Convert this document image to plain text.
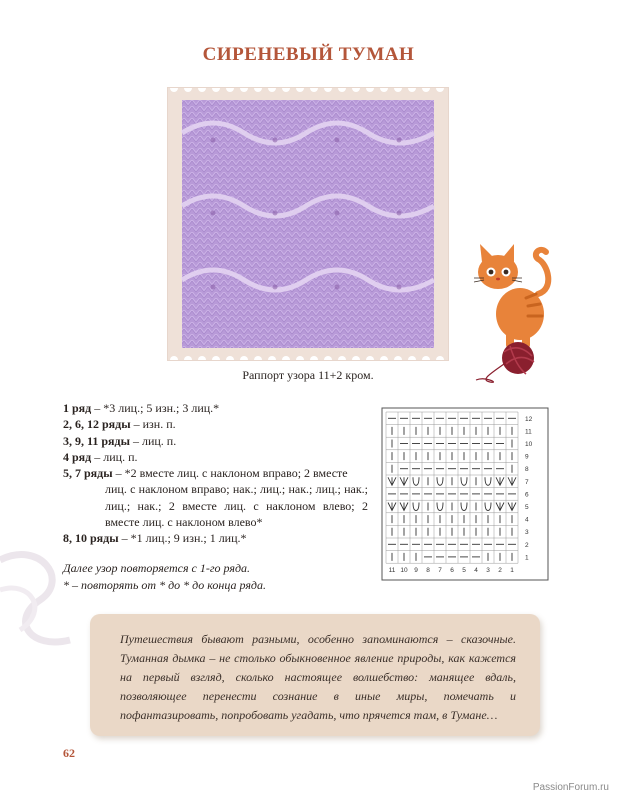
СИРЕНЕВЫЙ ТУМАН
Раппорт узора 11+2 кром.

1 ряд – *3 лиц.; 5 изн.; 3 лиц.*

2, 6, 12 ряды – изн. п.

3, 9, 11 ряды – лиц. п.

4 ряд – лиц. п.

5, 7 ряды – *2 вместе лиц. с наклоном вправо; 2 вместе
лиц. с наклоном вправо; нак.; лиц.; нак.; лиц.; нак.; лиц.; нак.; 2 вместе лиц. с наклоном влево; 2 вместе лиц. с наклоном влево*

8, 10 ряды – *1 лиц.; 9 изн.; 1 лиц.*

Далее узор повторяется с 1-го ряда.
* – повторять от * до * до конца ряда.
12
11
10
9
8
7
6
5
4
3
2
1
11 10 9 8 7 6 5 4 3 2 1
Путешествия бывают разными, особенно запоминаются – сказочные. Туманная дымка – не столько обыкновенное явление природы, как кажется на первый взгляд, сколько настоящее волшебство: манящее вдаль, позволяющее перенести сознание в иные миры, помечать и пофантазировать, попробовать угадать, что прячется там, в Тумане…
62
PassionForum.ru
